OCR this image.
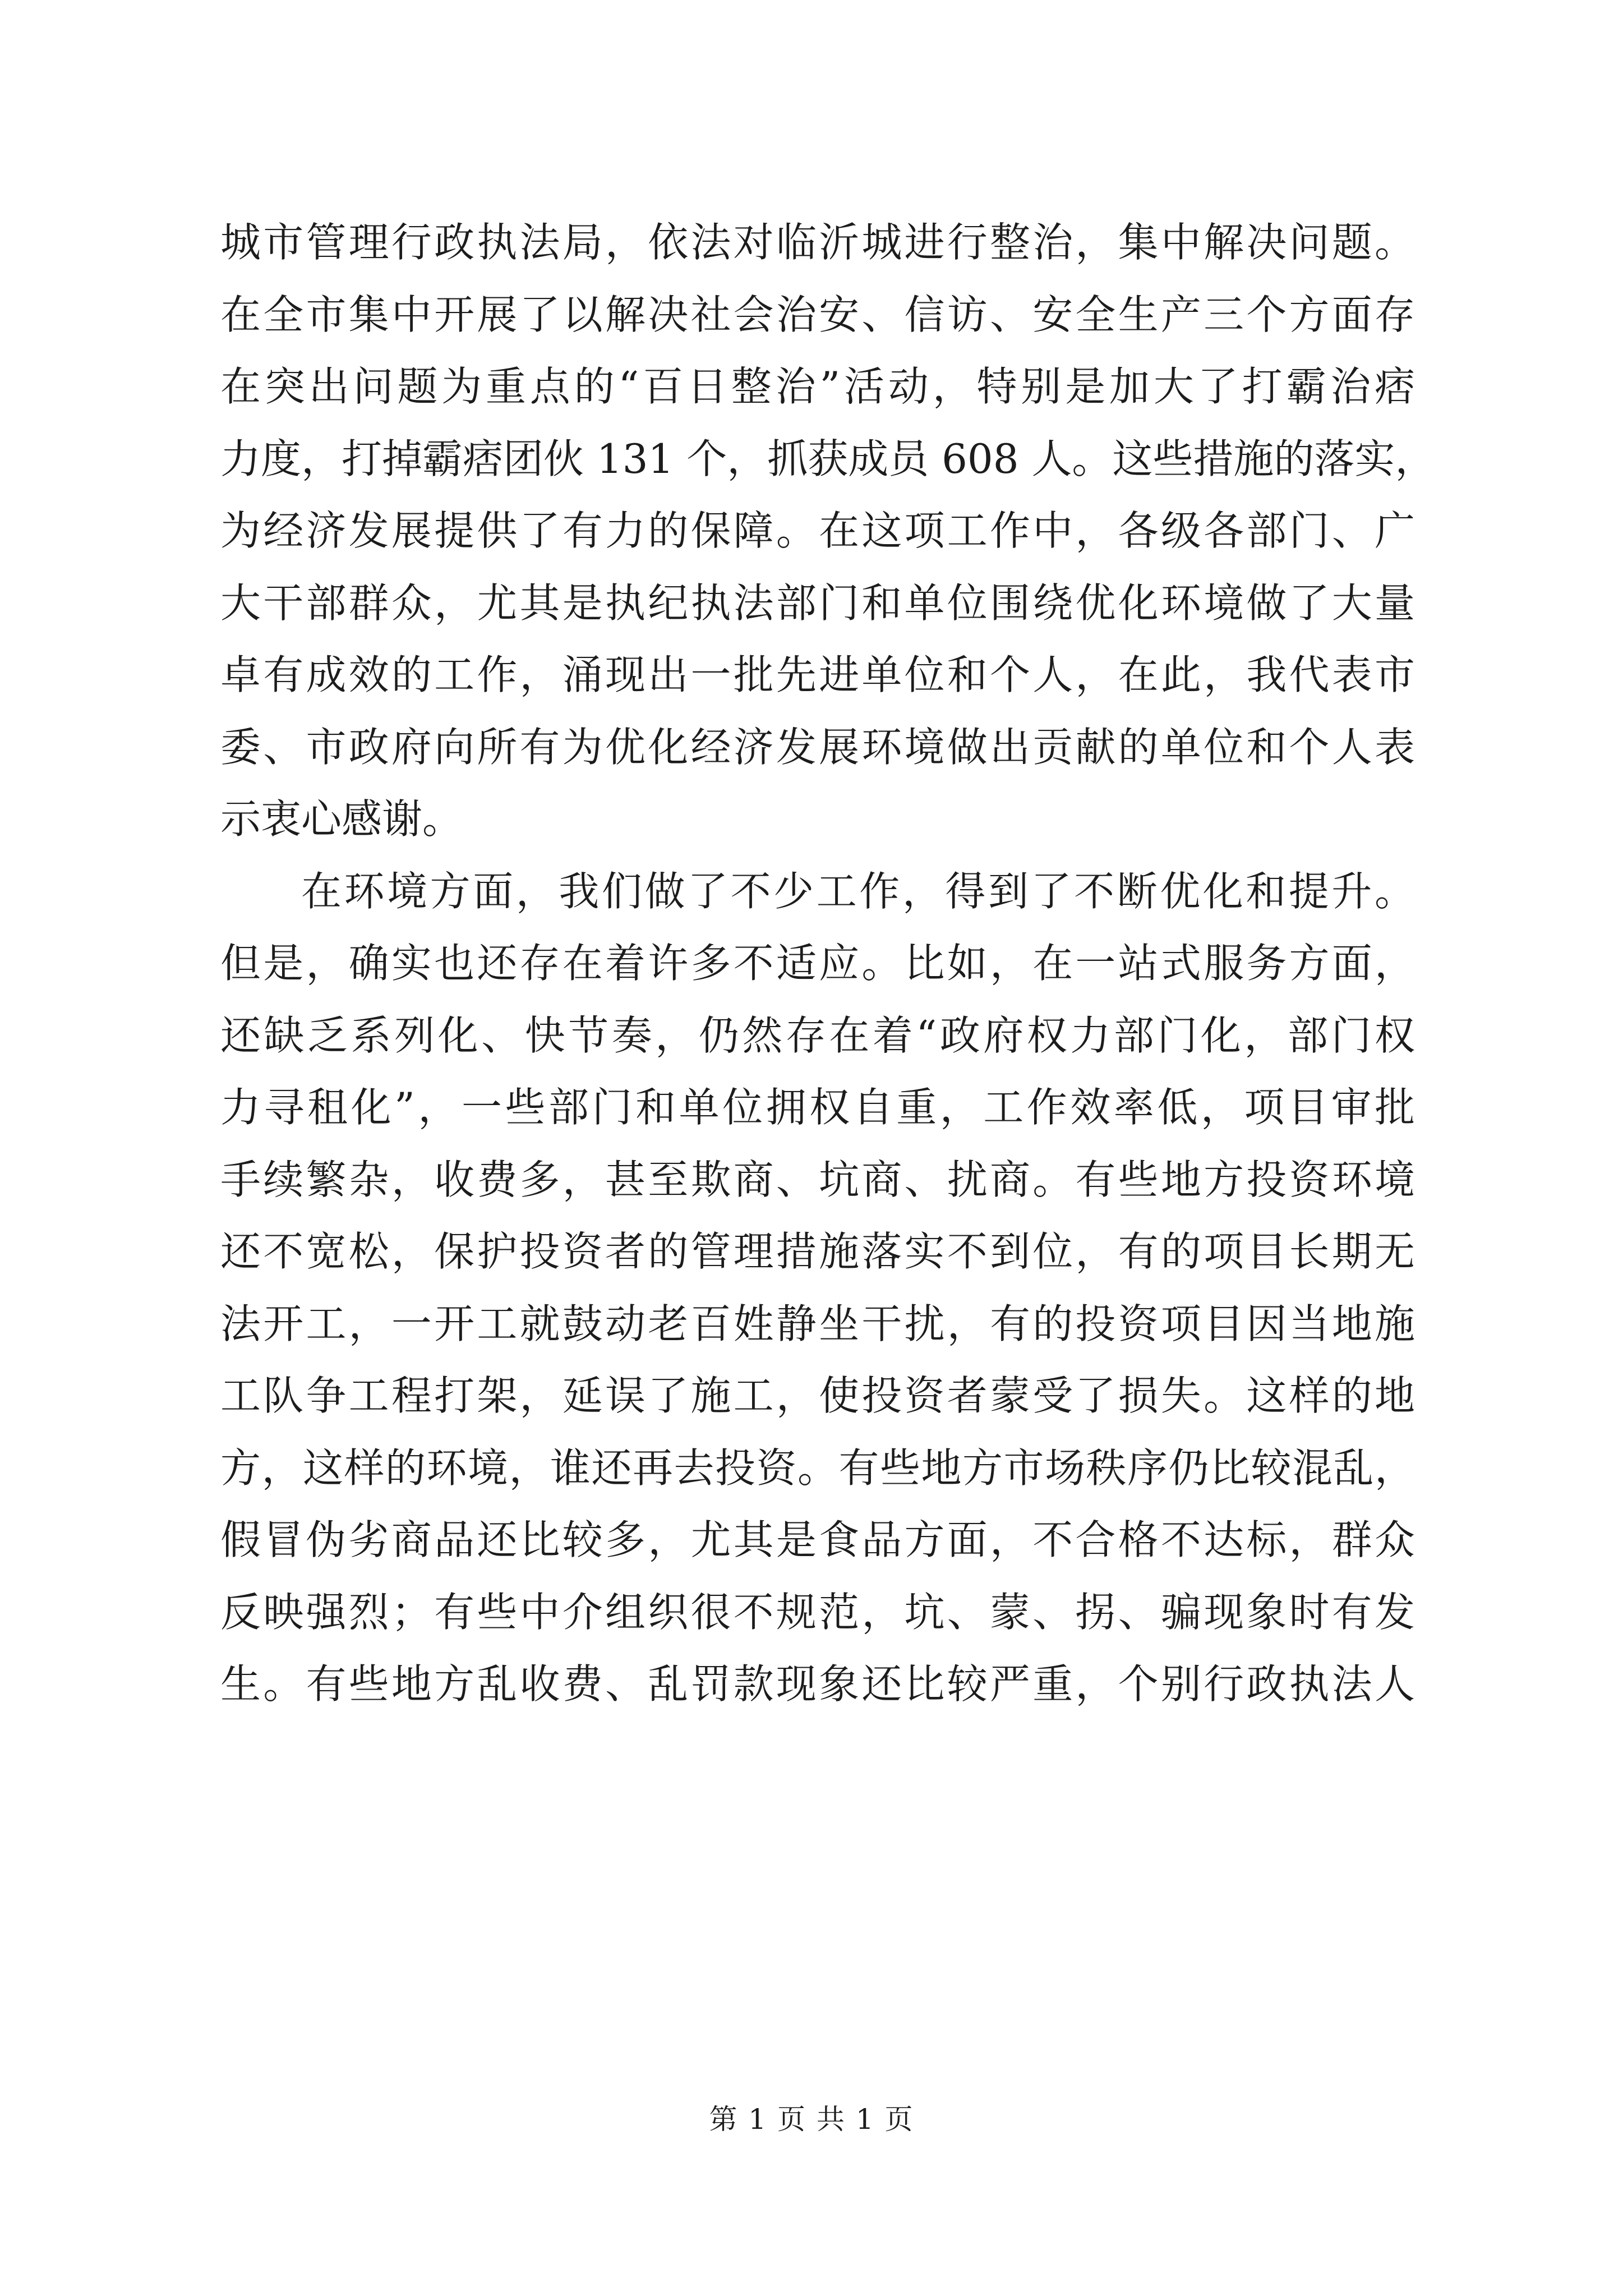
城市管理行政执法局，依法对临沂城进行整治，集中解决问题。
在全市集中开展了以解决社会治安、信访、安全生产三个方面存
在突出问题为重点的“百日整治”活动，特别是加大了打霸治痞
力度，打掉霸痞团伙 131 个，抓获成员 608 人。这些措施的落实，
为经济发展提供了有力的保障。在这项工作中，各级各部门、广
大干部群众，尤其是执纪执法部门和单位围绕优化环境做了大量
卓有成效的工作，涌现出一批先进单位和个人，在此，我代表市
委、市政府向所有为优化经济发展环境做出贡献的单位和个人表
示衷心感谢。
在环境方面，我们做了不少工作，得到了不断优化和提升。
但是，确实也还存在着许多不适应。比如，在一站式服务方面，
还缺乏系列化、快节奏，仍然存在着“政府权力部门化，部门权
力寻租化”，一些部门和单位拥权自重，工作效率低，项目审批
手续繁杂，收费多，甚至欺商、坑商、扰商。有些地方投资环境
还不宽松，保护投资者的管理措施落实不到位，有的项目长期无
法开工，一开工就鼓动老百姓静坐干扰，有的投资项目因当地施
工队争工程打架，延误了施工，使投资者蒙受了损失。这样的地
方，这样的环境，谁还再去投资。有些地方市场秩序仍比较混乱，
假冒伪劣商品还比较多，尤其是食品方面，不合格不达标，群众
反映强烈；有些中介组织很不规范，坑、蒙、拐、骗现象时有发
生。有些地方乱收费、乱罚款现象还比较严重，个别行政执法人
第 1 页 共 1 页
